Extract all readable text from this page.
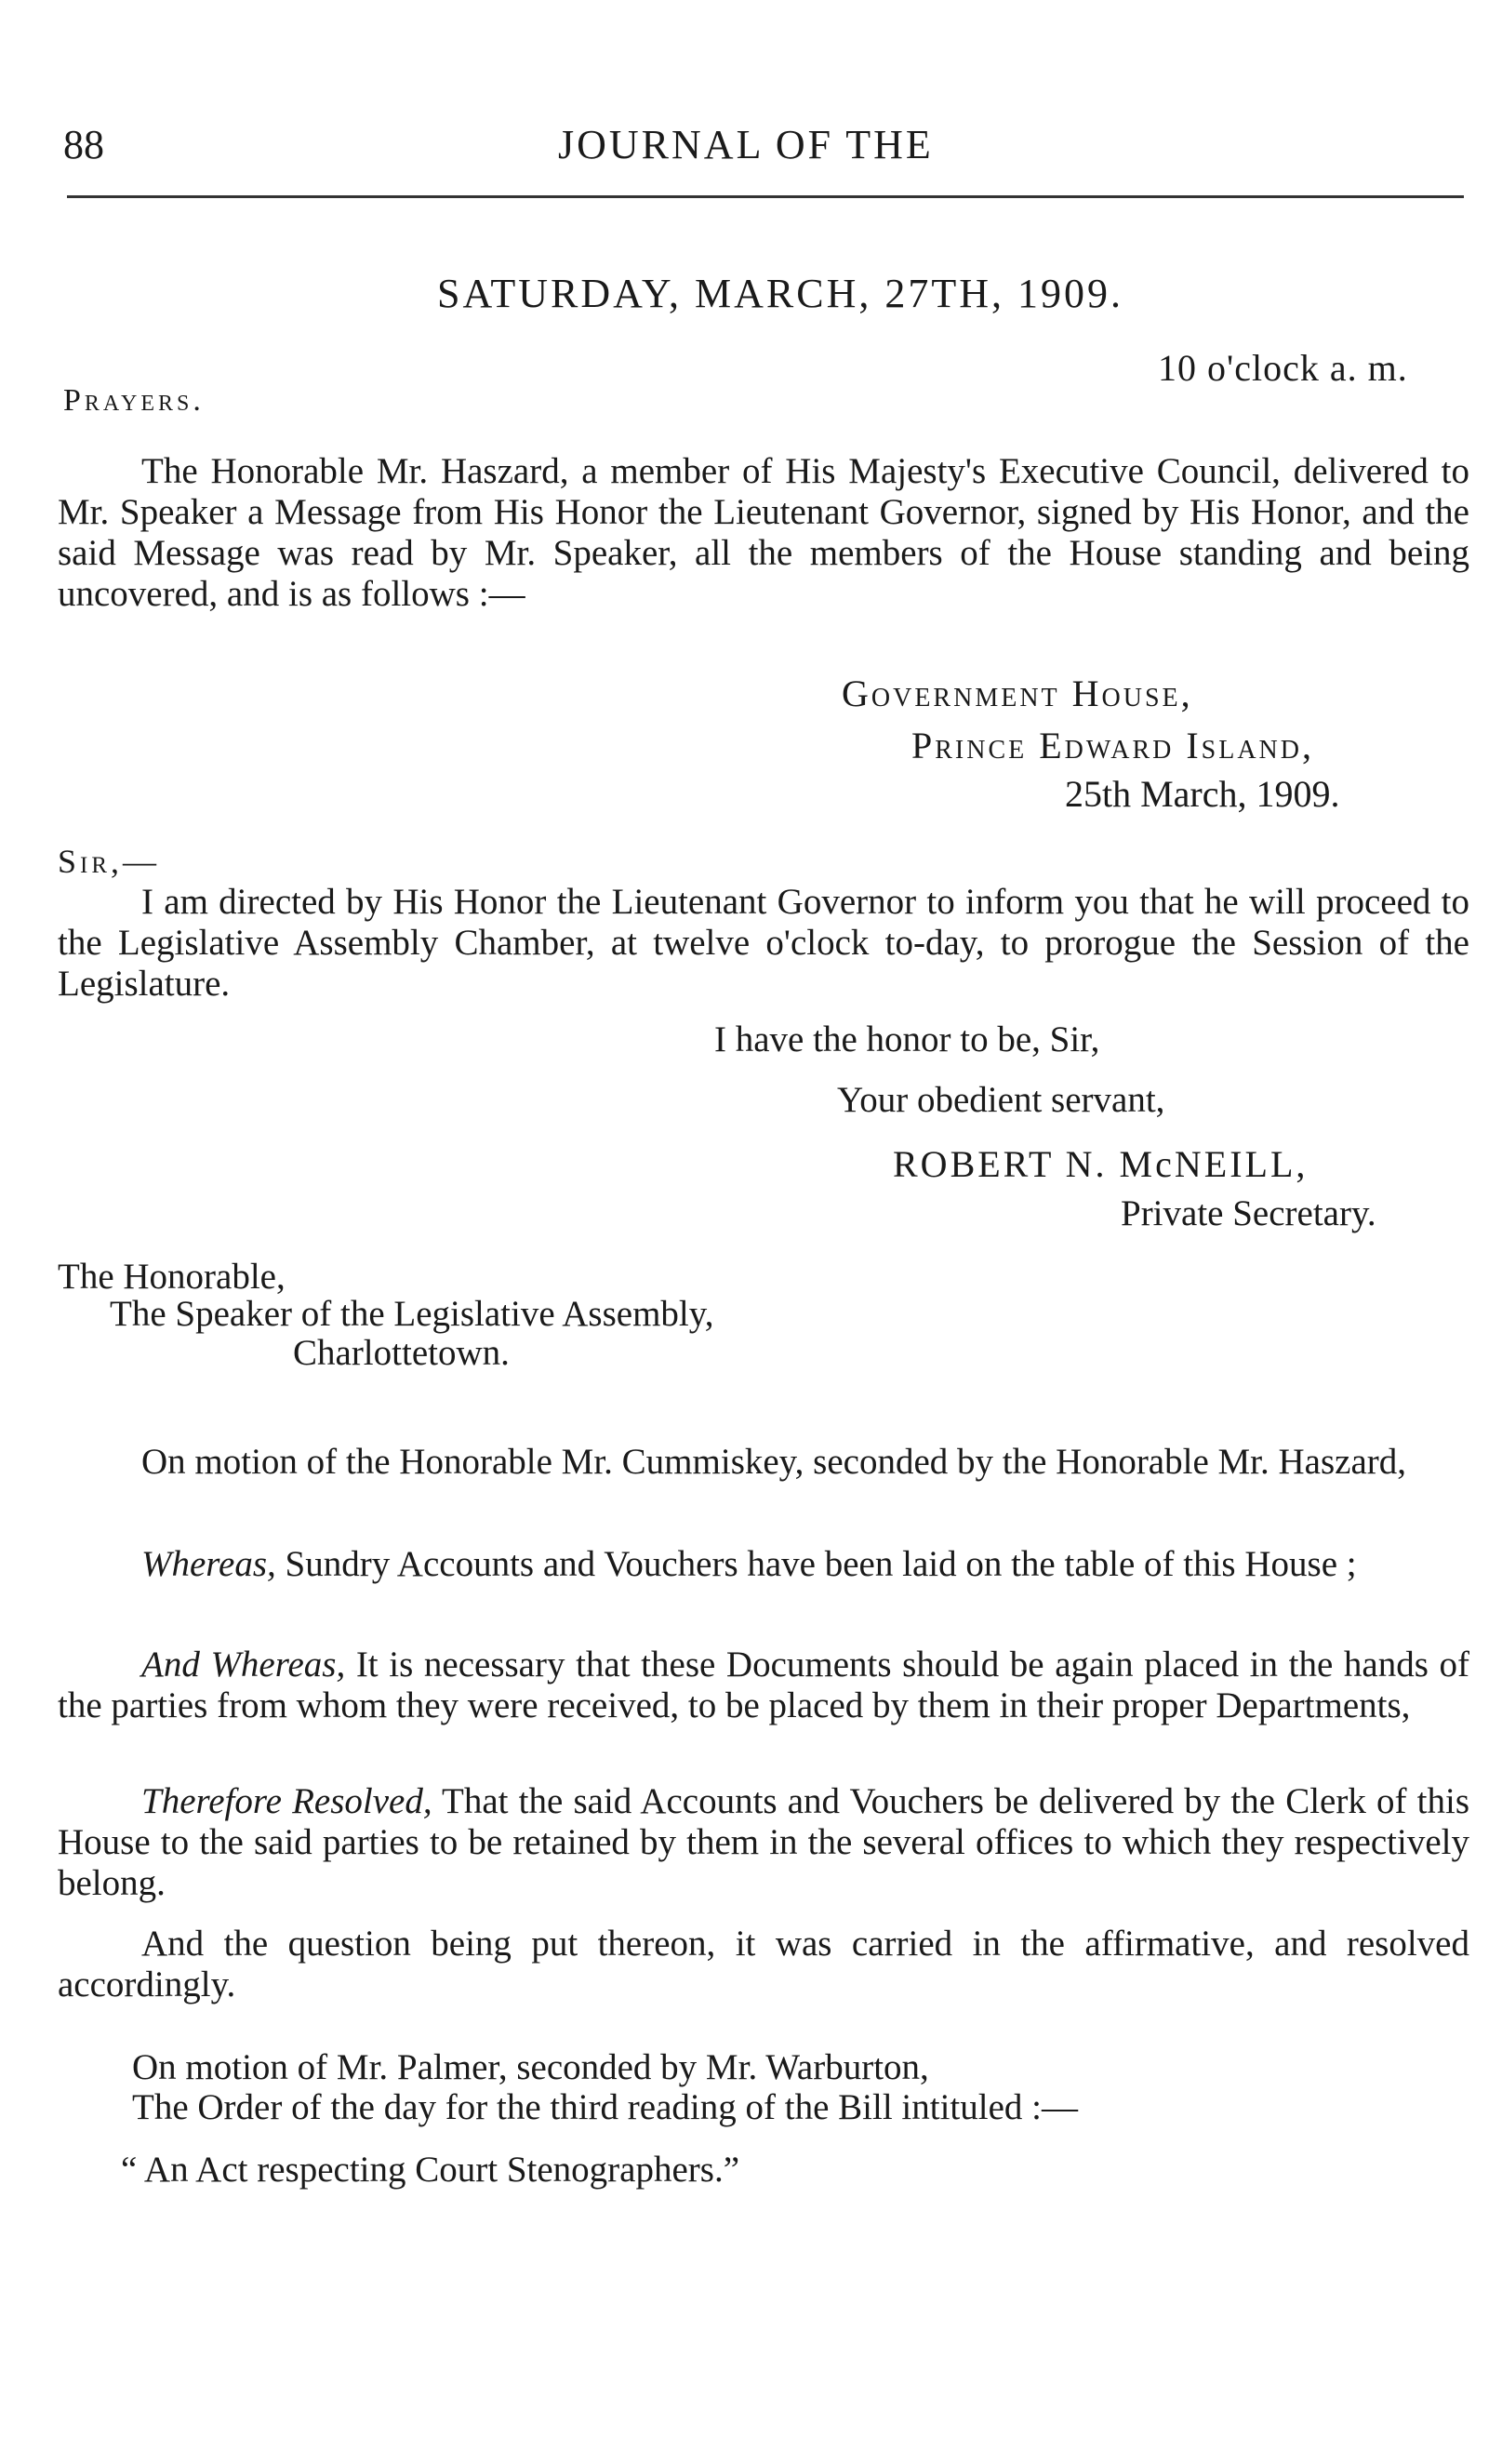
88	JOURNAL OF THE
SATURDAY, MARCH, 27TH, 1909.
10 o'clock a. m.
Prayers.

The Honorable Mr. Haszard, a member of His Majesty's Executive Council, delivered to Mr. Speaker a Message from His Honor the Lieutenant Governor, signed by His Honor, and the said Message was read by Mr. Speaker, all the members of the House standing and being uncovered, and is as follows :—

Government House,
Prince Edward Island,
25th March, 1909.
Sir,—

I am directed by His Honor the Lieutenant Governor to inform you that he will proceed to the Legislative Assembly Chamber, at twelve o'clock to-day, to prorogue the Session of the Legislature.

I have the honor to be, Sir,
Your obedient servant,
ROBERT N. McNEILL,
Private Secretary.
The Honorable,
The Speaker of the Legislative Assembly,
Charlottetown.

On motion of the Honorable Mr. Cummiskey, seconded by the Honorable Mr. Haszard,

Whereas, Sundry Accounts and Vouchers have been laid on the table of this House ;

And Whereas, It is necessary that these Documents should be again placed in the hands of the parties from whom they were received, to be placed by them in their proper Departments,

Therefore Resolved, That the said Accounts and Vouchers be delivered by the Clerk of this House to the said parties to be retained by them in the several offices to which they respectively belong.

And the question being put thereon, it was carried in the affirmative, and resolved accordingly.

On motion of Mr. Palmer, seconded by Mr. Warburton,
The Order of the day for the third reading of the Bill intituled :—
“ An Act respecting Court Stenographers.”
